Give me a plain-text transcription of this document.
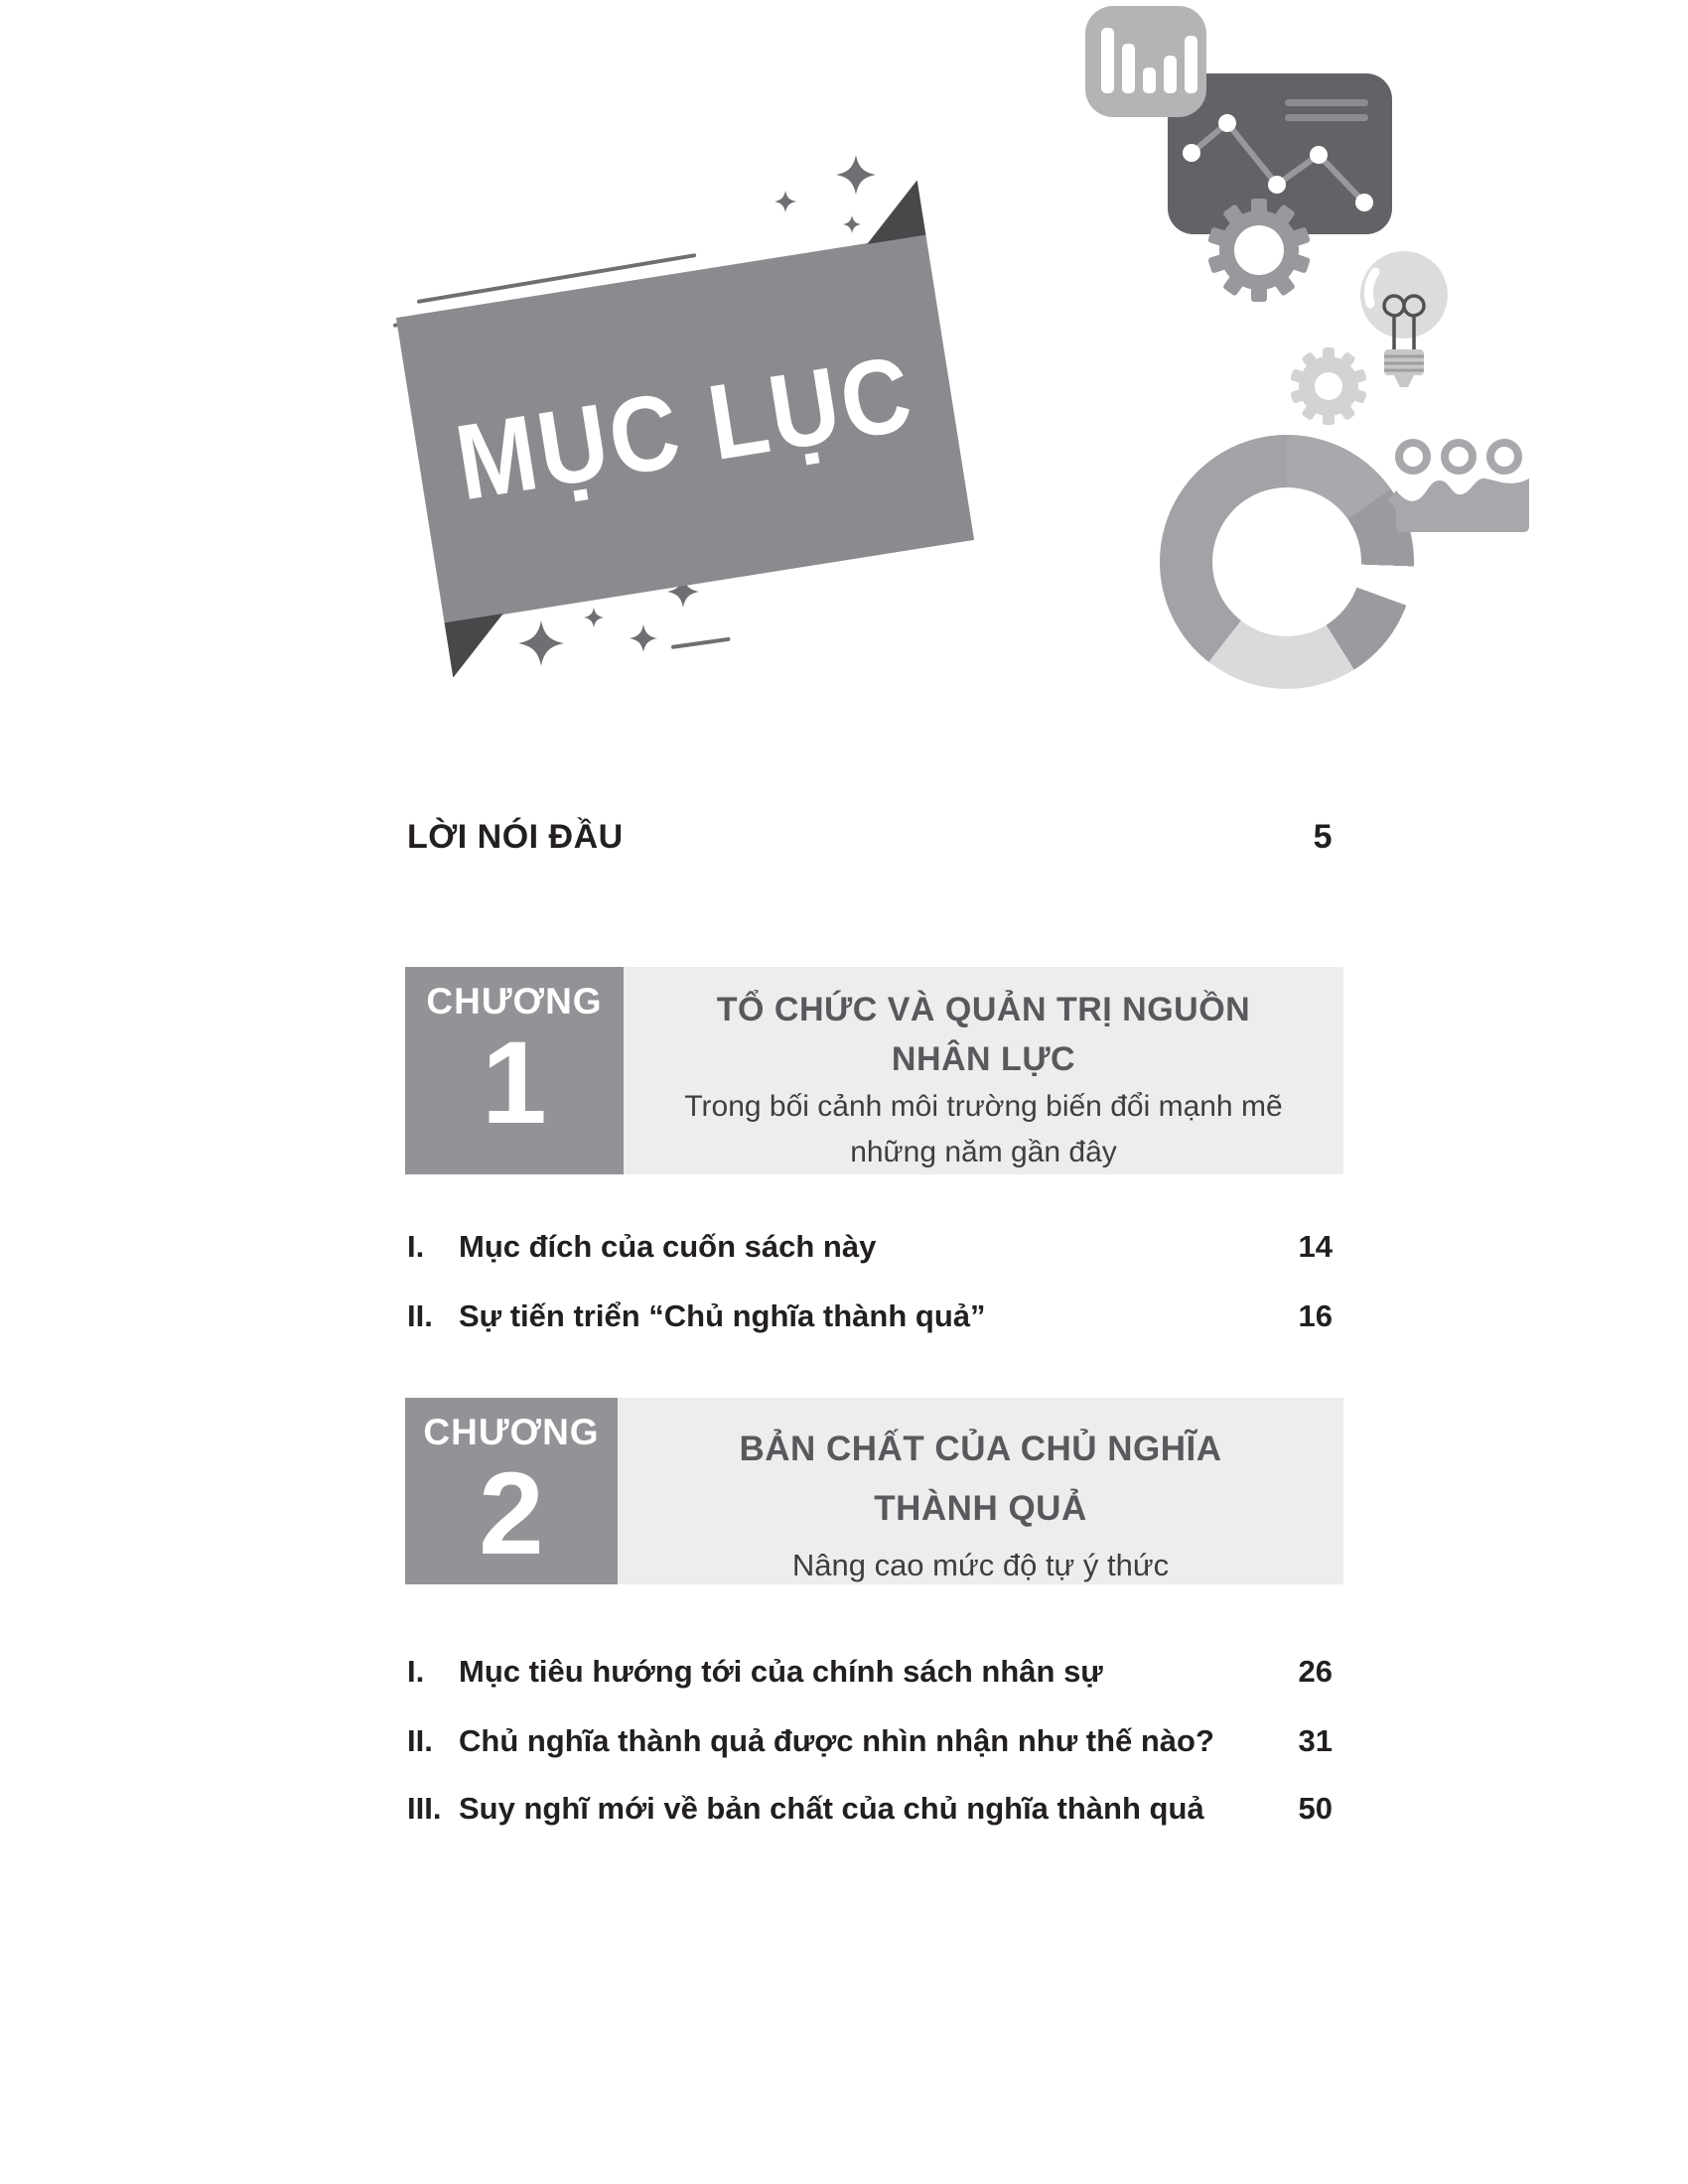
MỤC LỤC
LỜI NÓI ĐẦU	5
CHƯƠNG
1
TỔ CHỨC VÀ QUẢN TRỊ NGUỒN
NHÂN LỰC
Trong bối cảnh môi trường biến đổi mạnh mẽ
những năm gần đây
I.	Mục đích của cuốn sách này	14
II. Sự tiến triển “Chủ nghĩa thành quả”	16
CHƯƠNG
2	BẢN CHẤT CỦA CHỦ NGHĨA
THÀNH QUẢ
Nâng cao mức độ tự ý thức
I.	Mục tiêu hướng tới của chính sách nhân sự	26
II. Chủ nghĩa thành quả được nhìn nhận như thế nào?	31
III. Suy nghĩ mới về bản chất của chủ nghĩa thành quả	50
